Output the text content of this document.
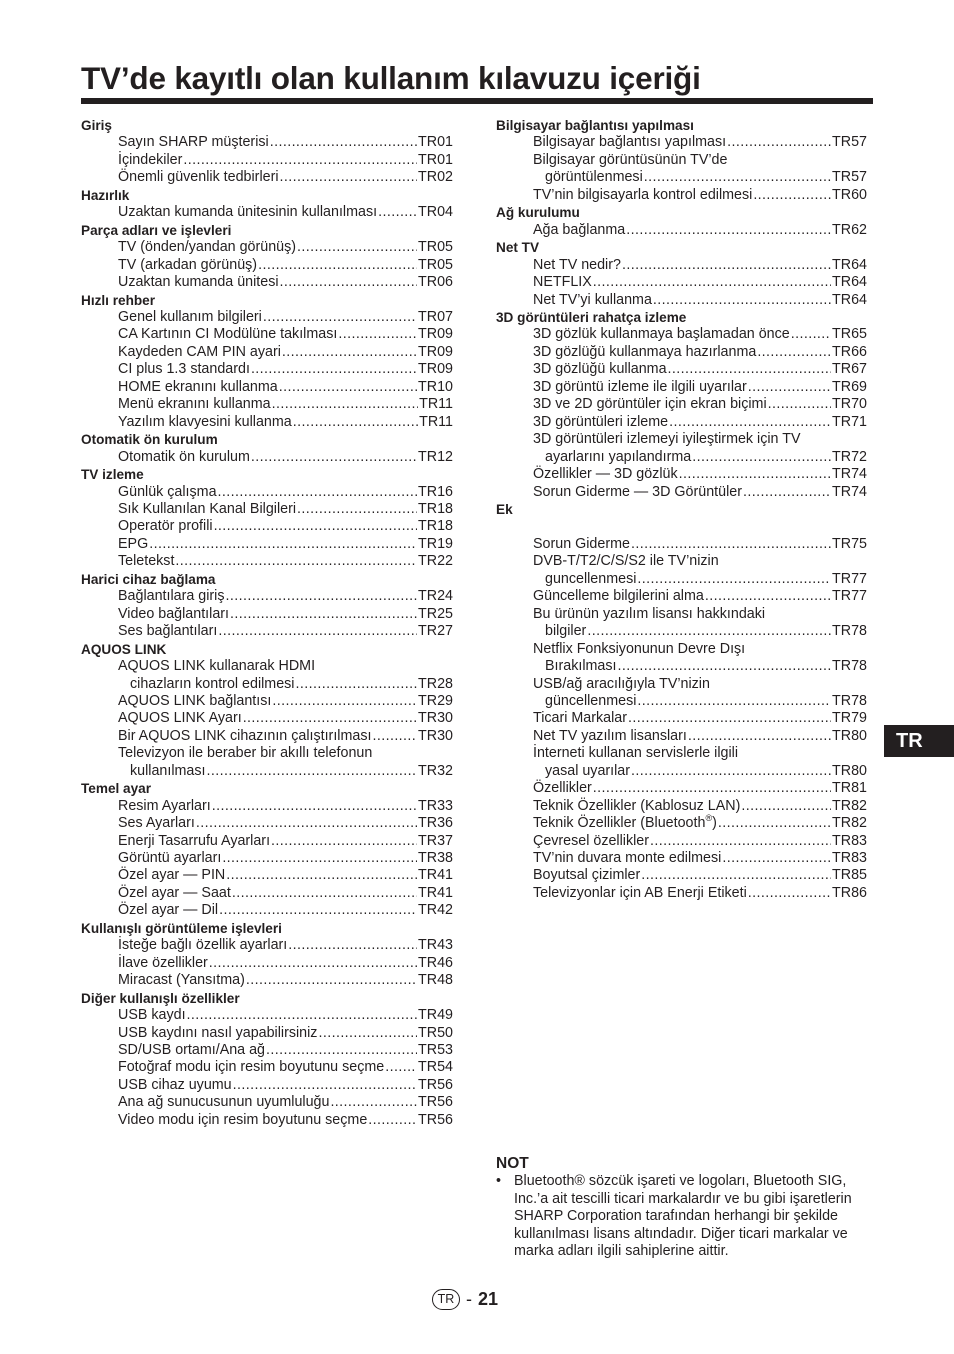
TV’de kayıtlı olan kullanım kılavuzu içeriği
Giriş
Sayın SHARP müşterisi .....	TR01
İçindekiler .....	TR01
Önemli güvenlik tedbirleri .....	TR02
Hazırlık
Uzaktan kumanda ünitesinin kullanılması .....	TR04
Parça adları ve işlevleri
TV (önden/yandan görünüş) .....	TR05
TV (arkadan görünüş) .....	TR05
Uzaktan kumanda ünitesi .....	TR06
Hızlı rehber
Genel kullanım bilgileri .....	TR07
CA Kartının CI Modülüne takılması .....	TR09
Kaydeden CAM PIN ayari .....	TR09
CI plus 1.3 standardı .....	TR09
HOME ekranını kullanma .....	TR10
Menü ekranını kullanma .....	TR11
Yazılım klavyesini kullanma .....	TR11
Otomatik ön kurulum
Otomatik ön kurulum .....	TR12
TV izleme
Günlük çalışma .....	TR16
Sık Kullanılan Kanal Bilgileri .....	TR18
Operatör profili .....	TR18
EPG .....	TR19
Teletekst .....	TR22
Harici cihaz bağlama
Bağlantılara giriş .....	TR24
Video bağlantıları .....	TR25
Ses bağlantıları .....	TR27
AQUOS LINK
AQUOS LINK kullanarak HDMI
cihazların kontrol edilmesi .....	TR28
AQUOS LINK bağlantısı .....	TR29
AQUOS LINK Ayarı .....	TR30
Bir AQUOS LINK cihazının çalıştırılması .....	TR30
Televizyon ile beraber bir akıllı telefonun
kullanılması .....	TR32
Temel ayar
Resim Ayarları .....	TR33
Ses Ayarları .....	TR36
Enerji Tasarrufu Ayarları .....	TR37
Görüntü ayarları .....	TR38
Özel ayar — PIN .....	TR41
Özel ayar — Saat .....	TR41
Özel ayar — Dil .....	TR42
Kullanışlı görüntüleme işlevleri
İsteğe bağlı özellik ayarları .....	TR43
İlave özellikler .....	TR46
Miracast (Yansıtma) .....	TR48
Diğer kullanışlı özellikler
USB kaydı .....	TR49
USB kaydını nasıl yapabilirsiniz .....	TR50
SD/USB ortamı/Ana ağ .....	TR53
Fotoğraf modu için resim boyutunu seçme ..... TR54
USB cihaz uyumu .....	TR56
Ana ağ sunucusunun uyumluluğu .....	TR56
Video modu için resim boyutunu seçme .....	TR56
Bilgisayar bağlantısı yapılması
Bilgisayar bağlantısı yapılması .....	TR57
Bilgisayar görüntüsünün TV’de
görüntülenmesi .....	TR57
TV’nin bilgisayarla kontrol edilmesi .....	TR60
Ağ kurulumu
Ağa bağlanma .....	TR62
Net TV
Net TV nedir? .....	TR64
NETFLIX .....	TR64
Net TV’yi kullanma .....	TR64
3D görüntüleri rahatça izleme
3D gözlük kullanmaya başlamadan önce .....	TR65
3D gözlüğü kullanmaya hazırlanma .....	TR66
3D gözlüğü kullanma .....	TR67
3D görüntü izleme ile ilgili uyarılar .....	TR69
3D ve 2D görüntüler için ekran biçimi .....	TR70
3D görüntüleri izleme .....	TR71
3D görüntüleri izlemeyi iyileştirmek için TV
ayarlarını yapılandırma .....	TR72
Özellikler — 3D gözlük .....	TR74
Sorun Giderme — 3D Görüntüler .....	TR74
Ek

Sorun Giderme .....	TR75
DVB-T/T2/C/S/S2 ile TV’nizin
guncellenmesi .....	TR77
Güncelleme bilgilerini alma .....	TR77
Bu ürünün yazılım lisansı hakkındaki
bilgiler .....	TR78
Netflix Fonksiyonunun Devre Dışı
Bırakılması .....	TR78
USB/ağ aracılığıyla TV’nizin
güncellenmesi .....	TR78
Ticari Markalar .....	TR79
Net TV yazılım lisansları .....	TR80
İnterneti kullanan servislerle ilgili
yasal uyarılar .....	TR80
Özellikler .....	TR81
Teknik Özellikler (Kablosuz LAN) .....	TR82
Teknik Özellikler (Bluetooth®) .....	TR82
Çevresel özellikler .....	TR83
TV’nin duvara monte edilmesi .....	TR83
Boyutsal çizimler .....	TR85
Televizyonlar için AB Enerji Etiketi .....	TR86
TR
NOT
• Bluetooth® sözcük işareti ve logoları, Bluetooth SIG, Inc.’a ait tescilli ticari markalardır ve bu gibi işaretlerin SHARP Corporation tarafından herhangi bir şekilde kullanılması lisans altındadır. Diğer ticari markalar ve marka adları ilgili sahiplerine aittir.
TR - 21
